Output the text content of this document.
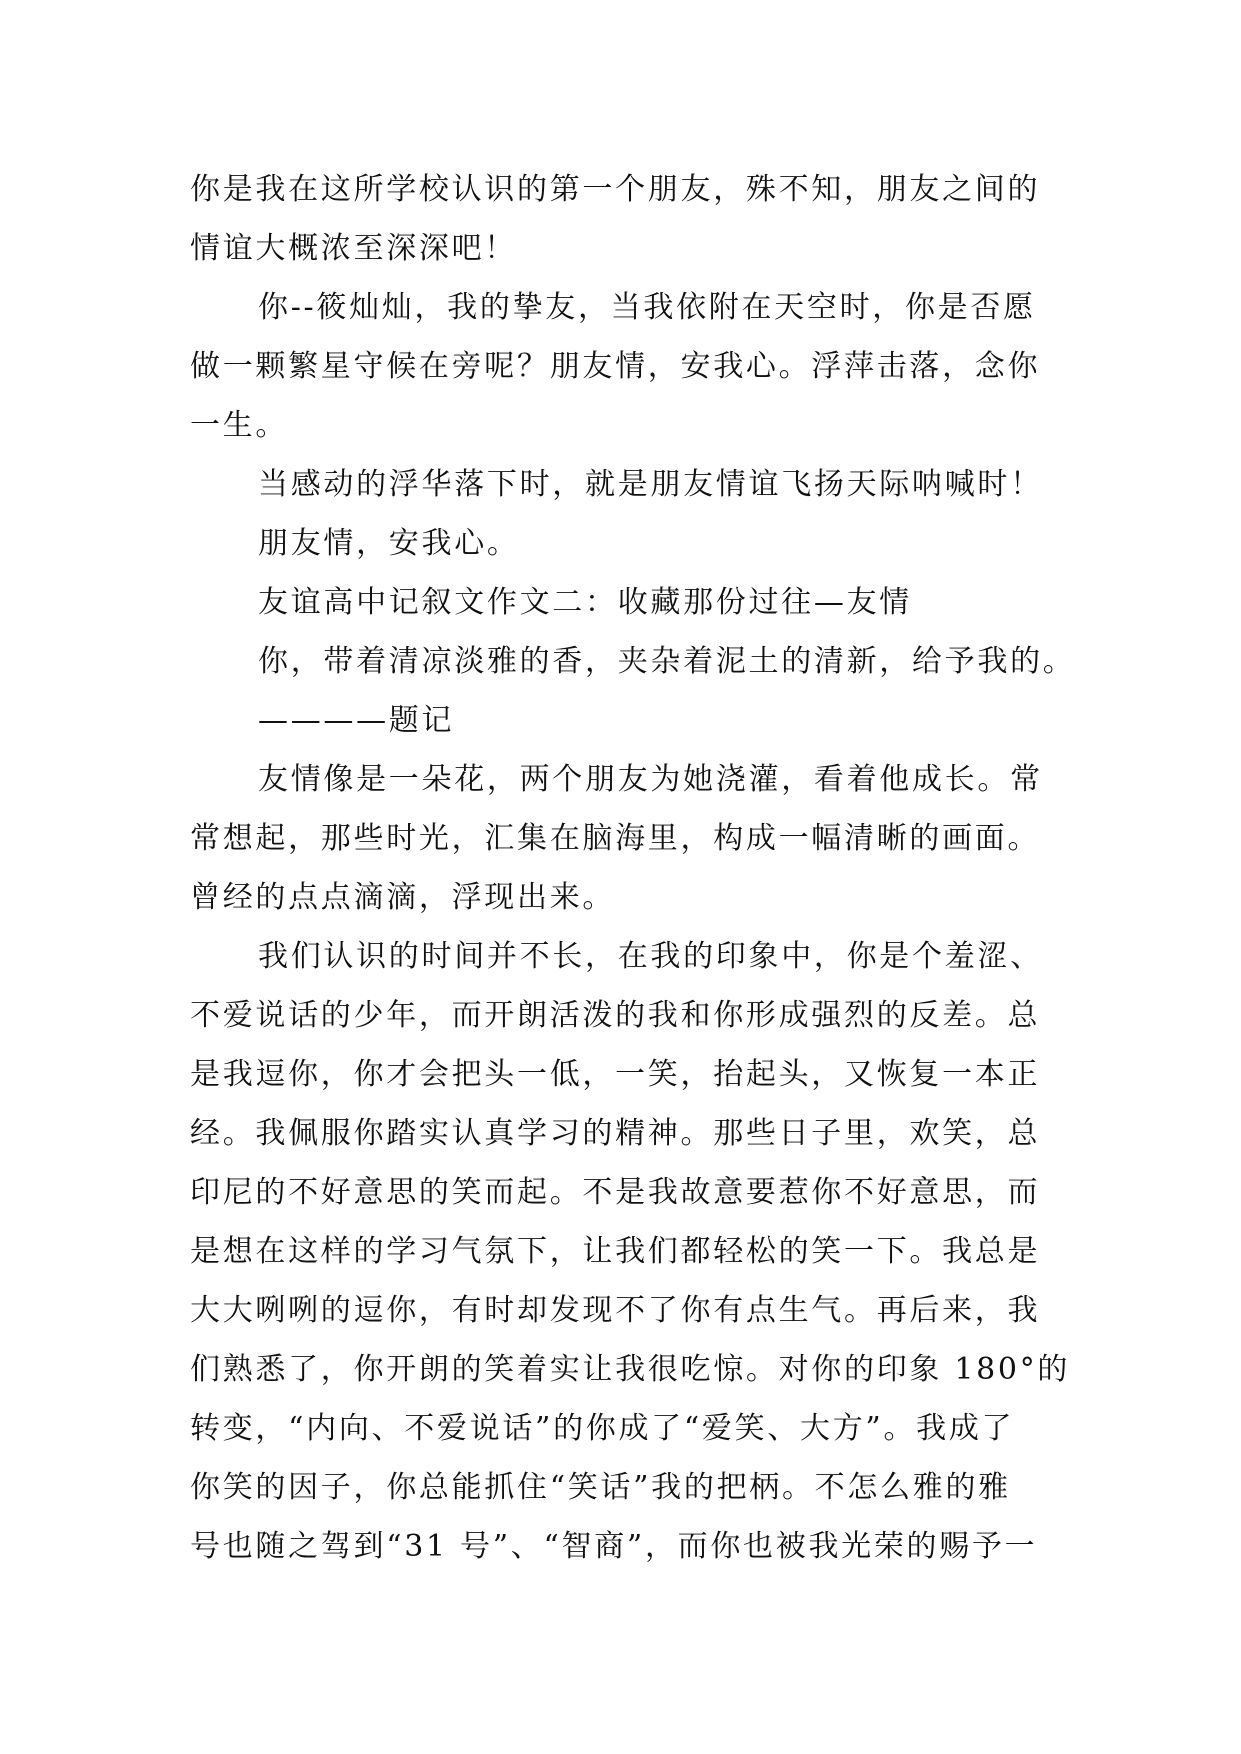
你是我在这所学校认识的第一个朋友，殊不知，朋友之间的
情谊大概浓至深深吧！
你--筱灿灿，我的挚友，当我依附在天空时，你是否愿
做一颗繁星守候在旁呢？朋友情，安我心。浮萍击落，念你
一生。
当感动的浮华落下时，就是朋友情谊飞扬天际呐喊时！
朋友情，安我心。
友谊高中记叙文作文二：收藏那份过往—友情
你，带着清凉淡雅的香，夹杂着泥土的清新，给予我的。
————题记
友情像是一朵花，两个朋友为她浇灌，看着他成长。常
常想起，那些时光，汇集在脑海里，构成一幅清晰的画面。
曾经的点点滴滴，浮现出来。
我们认识的时间并不长，在我的印象中，你是个羞涩、
不爱说话的少年，而开朗活泼的我和你形成强烈的反差。总
是我逗你，你才会把头一低，一笑，抬起头，又恢复一本正
经。我佩服你踏实认真学习的精神。那些日子里，欢笑，总
印尼的不好意思的笑而起。不是我故意要惹你不好意思，而
是想在这样的学习气氛下，让我们都轻松的笑一下。我总是
大大咧咧的逗你，有时却发现不了你有点生气。再后来，我
们熟悉了，你开朗的笑着实让我很吃惊。对你的印象 180°的
转变，“内向、不爱说话”的你成了“爱笑、大方”。我成了
你笑的因子，你总能抓住“笑话”我的把柄。不怎么雅的雅
号也随之驾到“31 号”、“智商”，而你也被我光荣的赐予一
